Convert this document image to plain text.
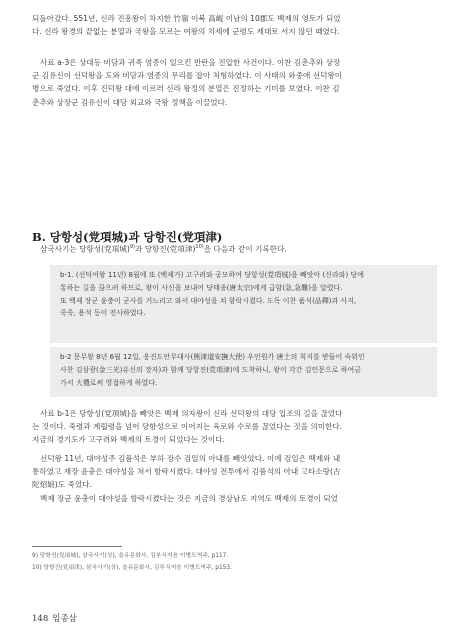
되돌아갔다. 551년, 신라 진흥왕이 차지한 竹嶺 이북 高峴 이남의 10郡도 백제의 영토가 되었
다. 신라 왕경의 끝없는 분열과 국왕을 모르는 여왕의 치세에 군령도 제대로 서지 않던 때였다.
사료 a-3은 상대등 비담과 귀족 염종이 일으킨 반란을 진압한 사건이다. 이찬 김춘추와 상장
군 김유신이 선덕왕을 도와 비담과 염종의 무리를 잡아 처형하였다. 이 사태의 와중에 선덕왕이
병으로 죽었다. 이후 진덕왕 대에 이르러 신라 왕정의 분열은 진정하는 기미를 보였다. 이찬 김
춘추와 상장군 김유신이 대당 외교와 국왕 정책을 이끌었다.
B. 당항성(党項城)과 당항진(党項津)
삼국사기는 당항성(党項城)$^{9)}$과 당항진(党項津)$^{10)}$을 다음과 같이 기록한다.

b-1. (선덕여왕 11년) 8월에 또 (백제가) 고구려와 공모하여 당항성(党項城)을 빼앗아 (신라와) 당에
통하는 길을 끊으려 하므로, 왕이 사신을 보내어 당태종(唐太宗)에게 급함(急,急難)을 알렸다.
또 백제 장군 윤충이 군사를 거느리고 와서 대야성을 쳐 함락시켰다. 도독 이찬 품석(品釋)과 사지,
죽죽, 용석 등이 전사하였다.

b-2 문무왕 8년 6월 12일, 웅진도안무대사(熊津道安撫大使) 우인원가 唐土의 칙지를 받들어 숙위인
사찬 김삼광(金三光)유신의 장자)과 함께 당항진(党項津)에 도착하니, 왕이 각간 김인문으로 하여금
가서 大禮로써 영접하게 하였다.

사료 b-1은 당항성(党項城)을 빼앗은 백제 의자왕이 신라 선덕왕의 대당 입조의 길을 끊었다
는 것이다. 죽령과 계립령을 넘어 당항성으로 이어지는 육로와 수로를 끊었다는 것을 의미한다.
지금의 경기도가 고구려와 백제의 토경이 되었다는 것이다.
선덕왕 11년, 대야성주 김품석은 부하 장수 검일의 아내를 빼앗았다. 이에 검일은 백제와 내
통하였고 재장 윤충은 대야성을 쳐서 함락시켰다. 대야성 전투에서 김품석의 아내 고타소랑(古
陀炤娘)도 죽었다.
백제 장군 윤충이 대야성을 함락시켰다는 것은 지금의 경상남도 지역도 백제의 토경이 되었

9) 당항성(党項城), 삼국사기(상), 을유문화사, 김부식저음 이병도역주, p117.

10) 당항진(党項津), 삼국사기(상), 을유문화사, 김부식저음 이병도역주, p153.

148 임종삼
